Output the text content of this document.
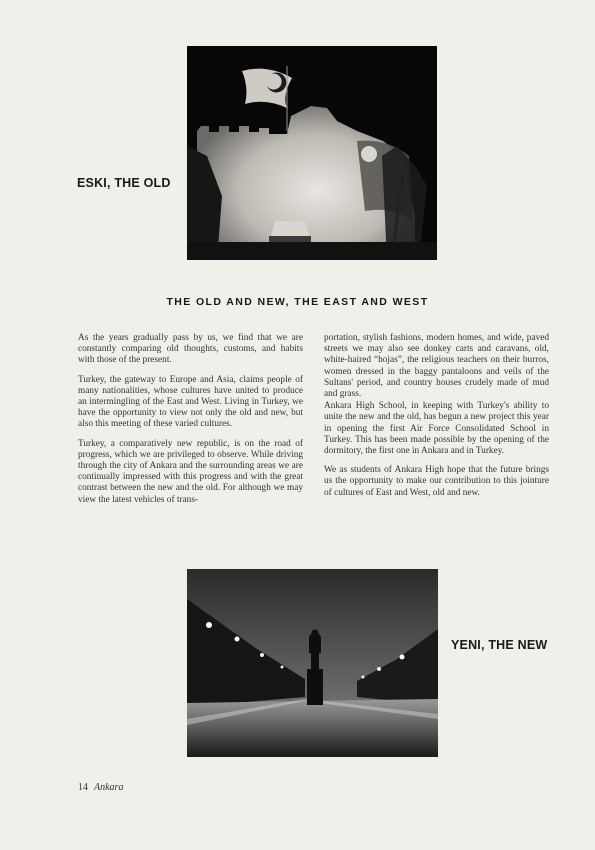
ESKI, THE OLD
THE OLD AND NEW, THE EAST AND WEST

As the years gradually pass by us, we find that we are constantly comparing old thoughts, customs, and habits with those of the present.

Turkey, the gateway to Europe and Asia, claims people of many nationalities, whose cultures have united to produce an intermingling of the East and West. Living in Turkey, we have the opportunity to view not only the old and new, but also this meeting of these varied cultures.

Turkey, a comparatively new republic, is on the road of progress, which we are privileged to observe. While driving through the city of Ankara and the surrounding areas we are continually impressed with this progress and with the great contrast between the new and the old. For although we may view the latest vehicles of trans-

portation, stylish fashions, modern homes, and wide, paved streets we may also see donkey carts and caravans, old, white-haired “hojas”, the religious teachers on their burros, women dressed in the baggy pantaloons and veils of the Sultans' period, and country houses crudely made of mud and grass.

Ankara High School, in keeping with Turkey's ability to unite the new and the old, has begun a new project this year in opening the first Air Force Consolidated School in Turkey. This has been made possible by the opening of the dormitory, the first one in Ankara and in Turkey.

We as students of Ankara High hope that the future brings us the opportunity to make our contribution to this jointure of cultures of East and West, old and new.

YENI, THE NEW
14 Ankara
